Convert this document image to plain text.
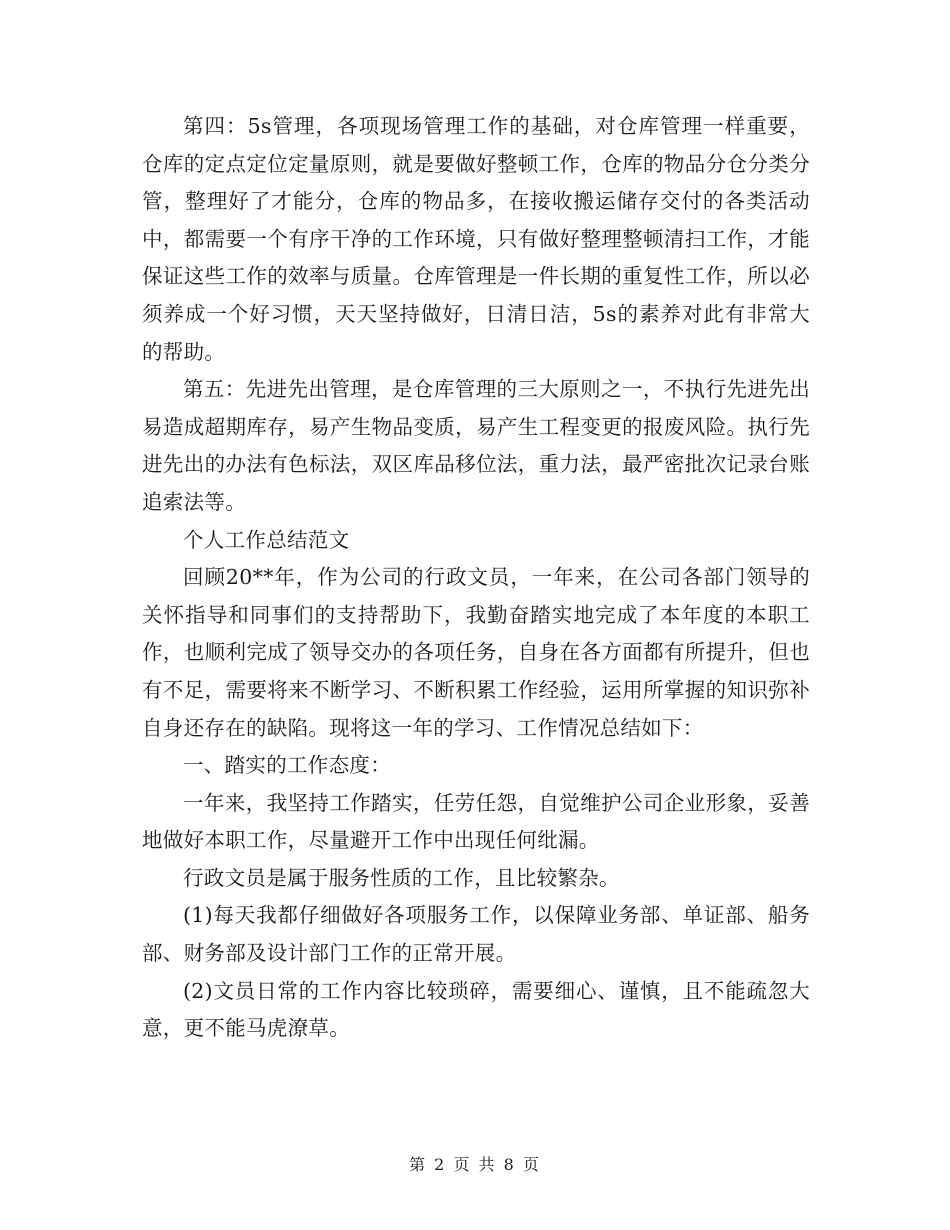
第四：5s管理，各项现场管理工作的基础，对仓库管理一样重要，仓库的定点定位定量原则，就是要做好整顿工作，仓库的物品分仓分类分管，整理好了才能分，仓库的物品多，在接收搬运储存交付的各类活动中，都需要一个有序干净的工作环境，只有做好整理整顿清扫工作，才能保证这些工作的效率与质量。仓库管理是一件长期的重复性工作，所以必须养成一个好习惯，天天坚持做好，日清日洁，5s的素养对此有非常大的帮助。

第五：先进先出管理，是仓库管理的三大原则之一，不执行先进先出易造成超期库存，易产生物品变质，易产生工程变更的报废风险。执行先进先出的办法有色标法，双区库品移位法，重力法，最严密批次记录台账追索法等。

个人工作总结范文

回顾20**年，作为公司的行政文员，一年来，在公司各部门领导的关怀指导和同事们的支持帮助下，我勤奋踏实地完成了本年度的本职工作，也顺利完成了领导交办的各项任务，自身在各方面都有所提升，但也有不足，需要将来不断学习、不断积累工作经验，运用所掌握的知识弥补自身还存在的缺陷。现将这一年的学习、工作情况总结如下：

一、踏实的工作态度：

一年来，我坚持工作踏实，任劳任怨，自觉维护公司企业形象，妥善地做好本职工作，尽量避开工作中出现任何纰漏。

行政文员是属于服务性质的工作，且比较繁杂。

(1)每天我都仔细做好各项服务工作，以保障业务部、单证部、船务部、财务部及设计部门工作的正常开展。

(2)文员日常的工作内容比较琐碎，需要细心、谨慎，且不能疏忽大意，更不能马虎潦草。

第 2 页 共 8 页
